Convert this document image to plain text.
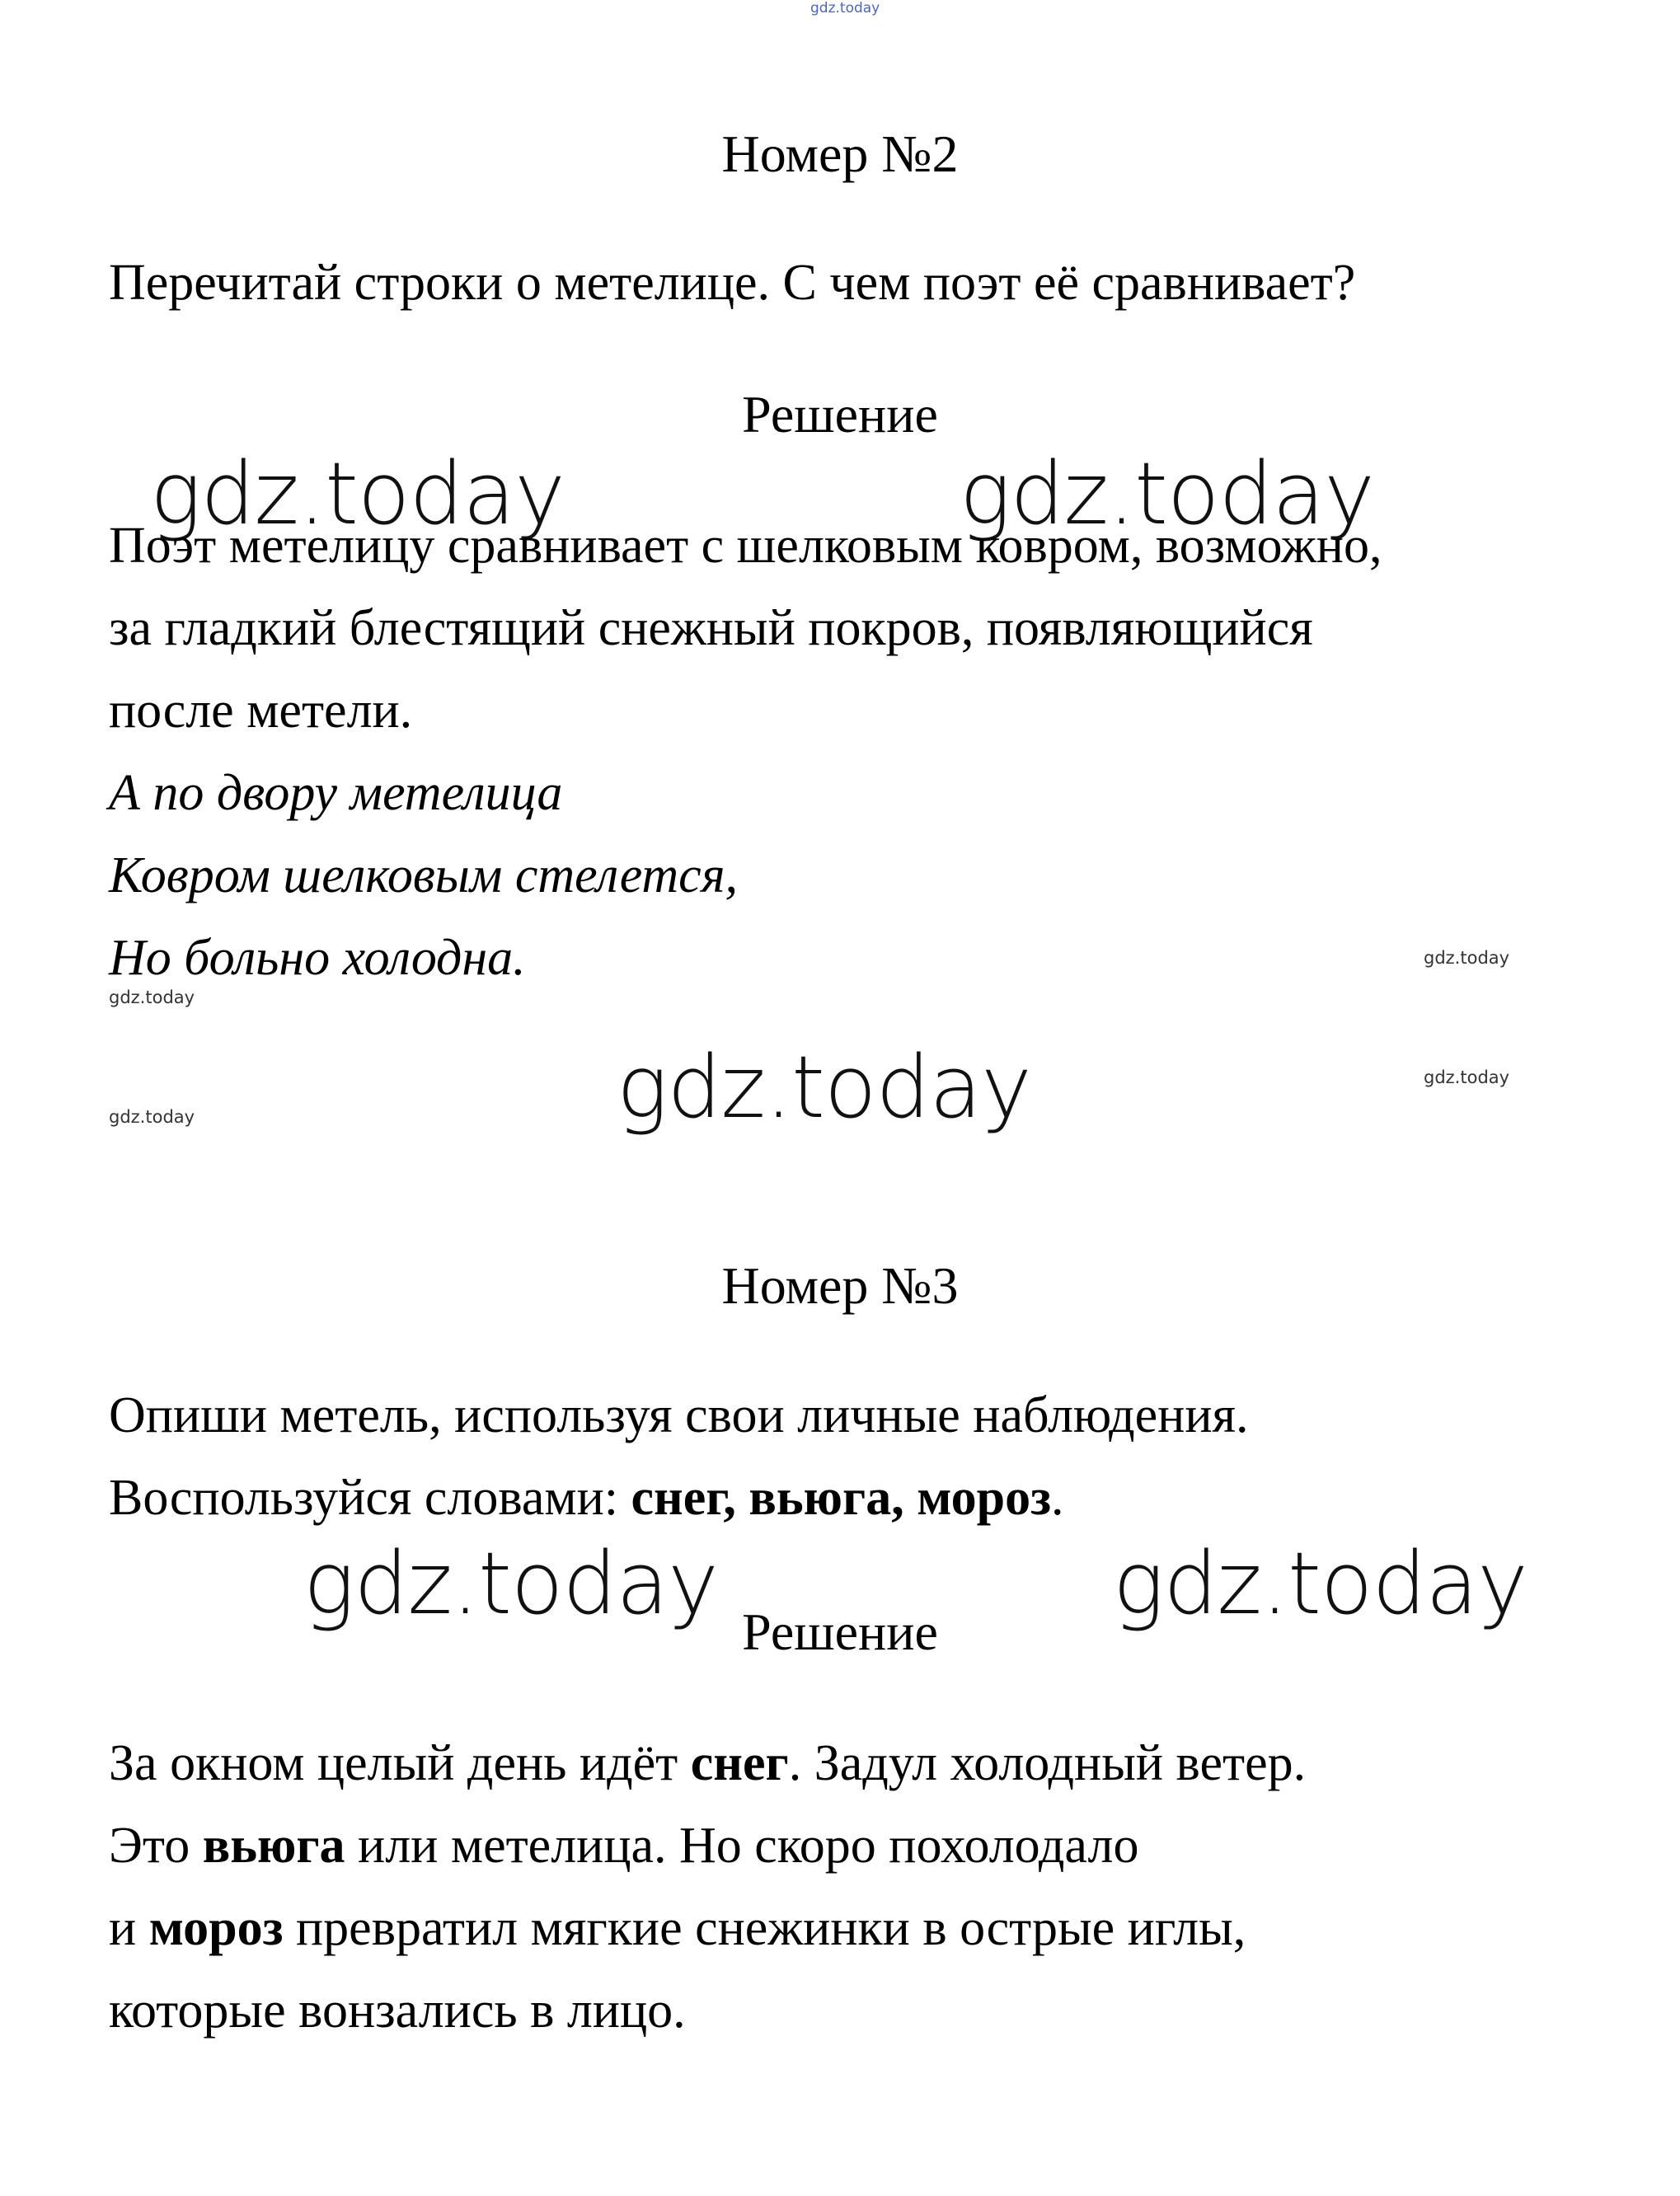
gdz.today
Номер №2
Перечитай строки о метелице. С чем поэт её сравнивает?
Решение
gdz.today	gdz.today
Поэт метелицу сравнивает с шелковым ковром, возможно,
за гладкий блестящий снежный покров, появляющийся
после метели.
А по двору метелица
Ковром шелковым стелется,
Но больно холодна.	gdz.today
gdz.today
gdz.today	gdz.today
gdz.today
Номер №3
Опиши метель, используя свои личные наблюдения.
Воспользуйся словами: снег, вьюга, мороз.
gdz.today	gdz.today
Решение
За окном целый день идёт снег. Задул холодный ветер.
Это вьюга или метелица. Но скоро похолодало
и мороз превратил мягкие снежинки в острые иглы,
которые вонзались в лицо.
